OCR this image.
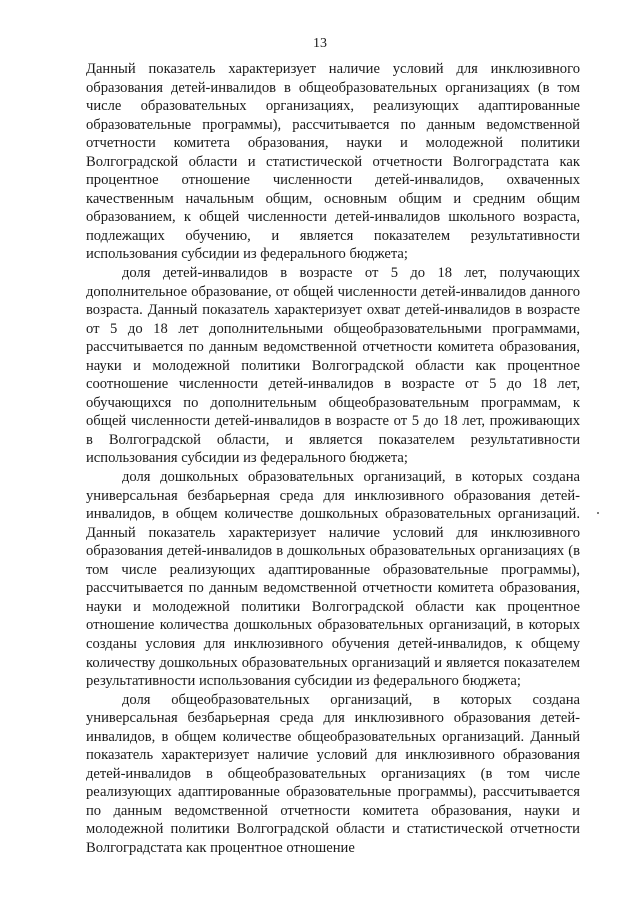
13

Данный показатель характеризует наличие условий для инклюзивного образования детей-инвалидов в общеобразовательных организациях (в том числе образовательных организациях, реализующих адаптированные образовательные программы), рассчитывается по данным ведомственной отчетности комитета образования, науки и молодежной политики Волгоградской области и статистической отчетности Волгоградстата как процентное отношение численности детей-инвалидов, охваченных качественным начальным общим, основным общим и средним общим образованием, к общей численности детей-инвалидов школьного возраста, подлежащих обучению, и является показателем результативности использования субсидии из федерального бюджета;

доля детей-инвалидов в возрасте от 5 до 18 лет, получающих дополнительное образование, от общей численности детей-инвалидов данного возраста. Данный показатель характеризует охват детей-инвалидов в возрасте от 5 до 18 лет дополнительными общеобразовательными программами, рассчитывается по данным ведомственной отчетности комитета образования, науки и молодежной политики Волгоградской области как процентное соотношение численности детей-инвалидов в возрасте от 5 до 18 лет, обучающихся по дополнительным общеобразовательным программам, к общей численности детей-инвалидов в возрасте от 5 до 18 лет, проживающих в Волгоградской области, и является показателем результативности использования субсидии из федерального бюджета;

доля дошкольных образовательных организаций, в которых создана универсальная безбарьерная среда для инклюзивного образования детей-инвалидов, в общем количестве дошкольных образовательных организаций. Данный показатель характеризует наличие условий для инклюзивного образования детей-инвалидов в дошкольных образовательных организациях (в том числе реализующих адаптированные образовательные программы), рассчитывается по данным ведомственной отчетности комитета образования, науки и молодежной политики Волгоградской области как процентное отношение количества дошкольных образовательных организаций, в которых созданы условия для инклюзивного обучения детей-инвалидов, к общему количеству дошкольных образовательных организаций и является показателем результативности использования субсидии из федерального бюджета;

доля общеобразовательных организаций, в которых создана универсальная безбарьерная среда для инклюзивного образования детей-инвалидов, в общем количестве общеобразовательных организаций. Данный показатель характеризует наличие условий для инклюзивного образования детей-инвалидов в общеобразовательных организациях (в том числе реализующих адаптированные образовательные программы), рассчитывается по данным ведомственной отчетности комитета образования, науки и молодежной политики Волгоградской области и статистической отчетности Волгоградстата как процентное отношение
